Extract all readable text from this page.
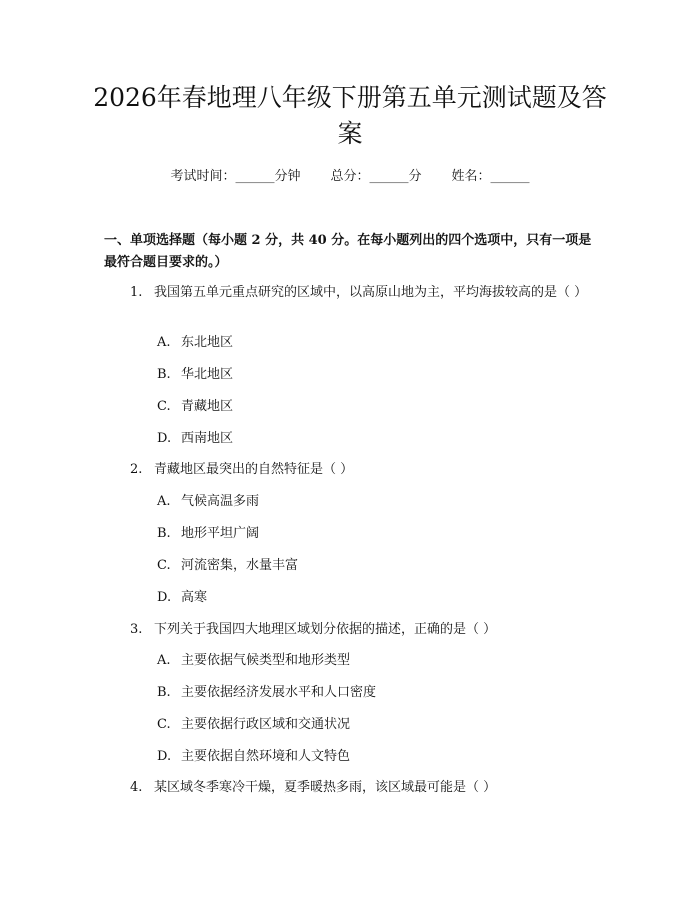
2026年春地理八年级下册第五单元测试题及答案
考试时间：______分钟 总分：______分 姓名：______

一、单项选择题（每小题 2 分，共 40 分。在每小题列出的四个选项中，只有一项是最符合题目要求的。）

1. 我国第五单元重点研究的区域中，以高原山地为主，平均海拔较高的是（ ）
A. 东北地区
B. 华北地区
C. 青藏地区
D. 西南地区
2. 青藏地区最突出的自然特征是（ ）
A. 气候高温多雨
B. 地形平坦广阔
C. 河流密集，水量丰富
D. 高寒
3. 下列关于我国四大地理区域划分依据的描述，正确的是（ ）
A. 主要依据气候类型和地形类型
B. 主要依据经济发展水平和人口密度
C. 主要依据行政区域和交通状况
D. 主要依据自然环境和人文特色
4. 某区域冬季寒冷干燥，夏季暖热多雨，该区域最可能是（ ）
